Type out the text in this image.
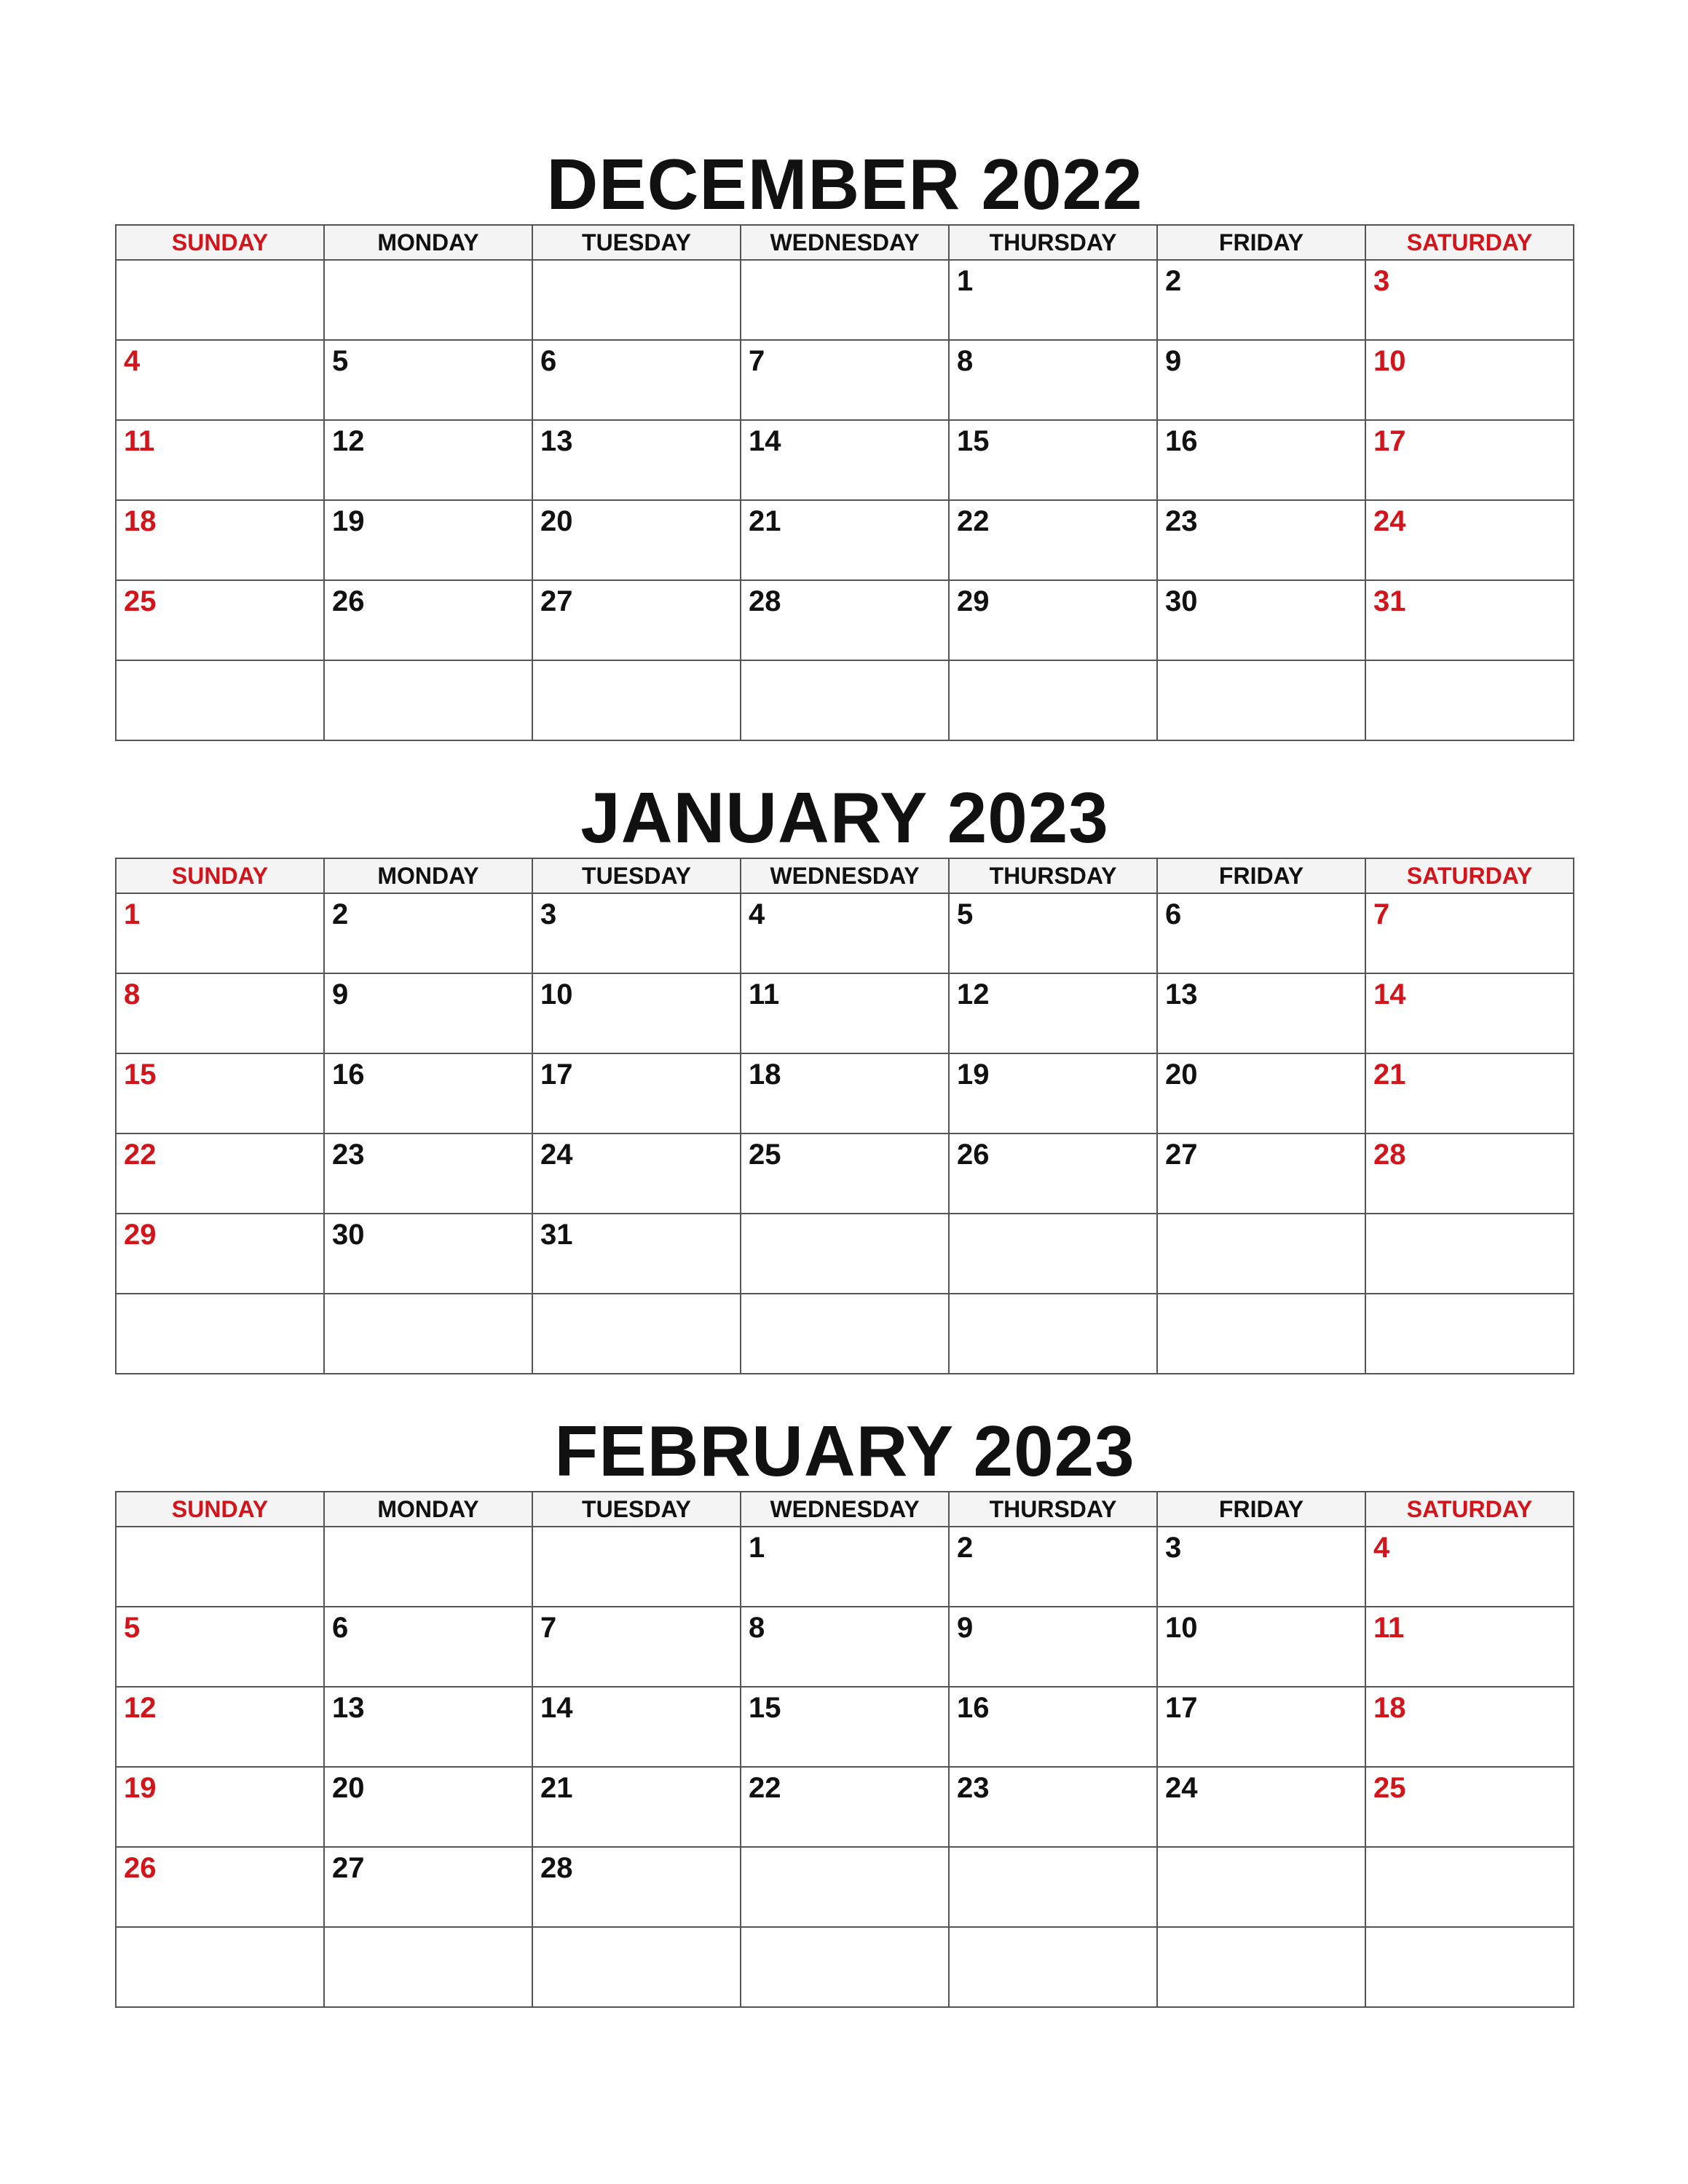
DECEMBER 2022
SUNDAY	MONDAY	TUESDAY	WEDNESDAY	THURSDAY	FRIDAY	SATURDAY

				1	2	3

4	5	6	7	8	9	10

11	12	13	14	15	16	17

18	19	20	21	22	23	24

25	26	27	28	29	30	31

JANUARY 2023
SUNDAY	MONDAY	TUESDAY	WEDNESDAY	THURSDAY	FRIDAY	SATURDAY

1	2	3	4	5	6	7

8	9	10	11	12	13	14

15	16	17	18	19	20	21

22	23	24	25	26	27	28

29	30	31				

FEBRUARY 2023
SUNDAY	MONDAY	TUESDAY	WEDNESDAY	THURSDAY	FRIDAY	SATURDAY

			1	2	3	4

5	6	7	8	9	10	11

12	13	14	15	16	17	18

19	20	21	22	23	24	25

26	27	28				
